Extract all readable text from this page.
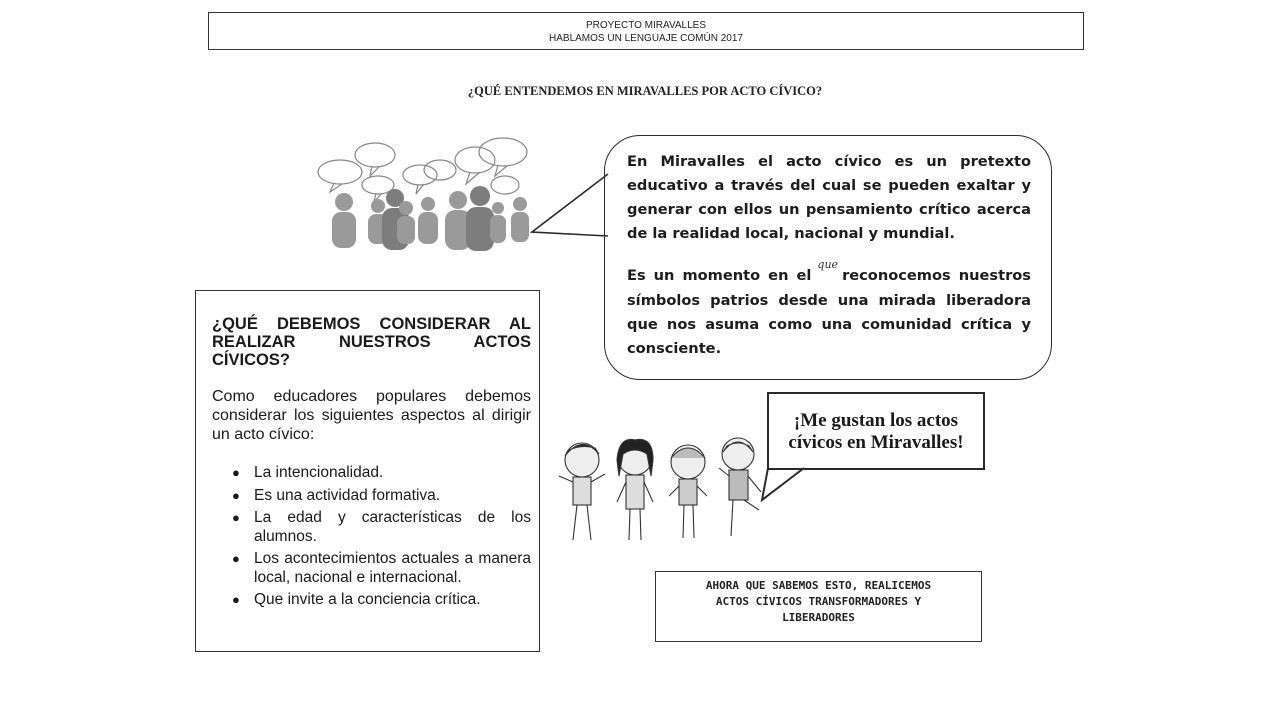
PROYECTO MIRAVALLES
HABLAMOS UN LENGUAJE COMÚN 2017
¿QUÉ ENTENDEMOS EN MIRAVALLES POR ACTO CÍVICO?

En Miravalles el acto cívico es un pretexto educativo a través del cual se pueden exaltar y generar con ellos un pensamiento crítico acerca de la realidad local, nacional y mundial.

Es un momento en el $^{que}$ reconocemos nuestros símbolos patrios desde una mirada liberadora que nos asuma como una comunidad crítica y consciente.

¿QUÉ DEBEMOS CONSIDERAR AL REALIZAR NUESTROS ACTOS CÍVICOS?

Como educadores populares debemos considerar los siguientes aspectos al dirigir un acto cívico:

● La intencionalidad.
● Es una actividad formativa.
● La edad y características de los alumnos.
● Los acontecimientos actuales a manera local, nacional e internacional.
● Que invite a la conciencia crítica.
¡Me gustan los actos
cívicos en Miravalles!
AHORA QUE SABEMOS ESTO, REALICEMOS
ACTOS CÍVICOS TRANSFORMADORES Y
LIBERADORES
